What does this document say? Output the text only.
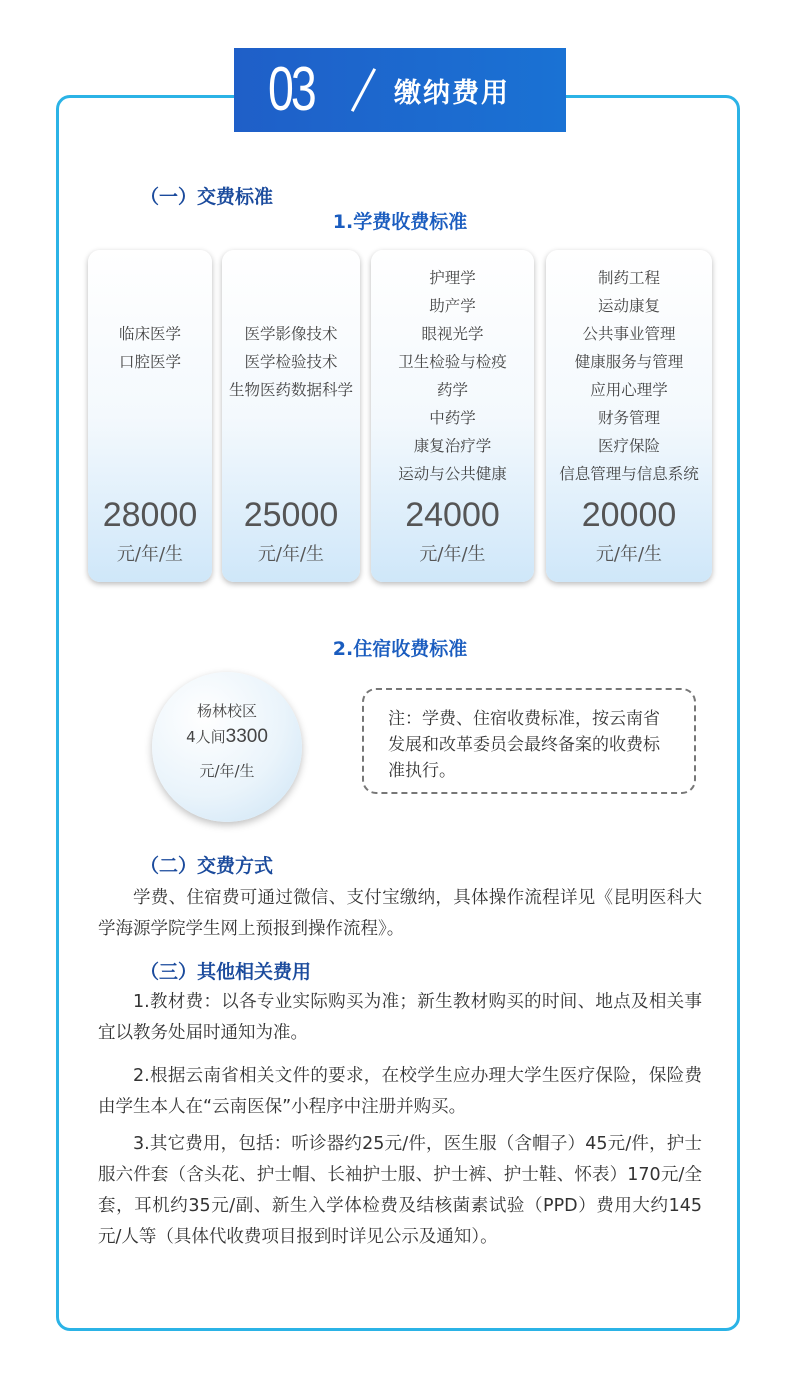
03	缴纳费用
（一）交费标准
1.学费收费标准
临床医学
口腔医学
28000
元/年/生
医学影像技术
医学检验技术
生物医药数据科学
25000
元/年/生
护理学
助产学
眼视光学
卫生检验与检疫
药学
中药学
康复治疗学
运动与公共健康
24000
元/年/生
制药工程
运动康复
公共事业管理
健康服务与管理
应用心理学
财务管理
医疗保险
信息管理与信息系统
20000
元/年/生
2.住宿收费标准
杨林校区
4人间3300
元/年/生
注：学费、住宿收费标准，按云南省发展和改革委员会最终备案的收费标准执行。
（二）交费方式
学费、住宿费可通过微信、支付宝缴纳，具体操作流程详见《昆明医科大学海源学院学生网上预报到操作流程》。
（三）其他相关费用
1.教材费：以各专业实际购买为准；新生教材购买的时间、地点及相关事宜以教务处届时通知为准。
2.根据云南省相关文件的要求，在校学生应办理大学生医疗保险，保险费由学生本人在“云南医保”小程序中注册并购买。
3.其它费用，包括：听诊器约25元/件，医生服（含帽子）45元/件，护士服六件套（含头花、护士帽、长袖护士服、护士裤、护士鞋、怀表）170元/全套，耳机约35元/副、新生入学体检费及结核菌素试验（PPD）费用大约145元/人等（具体代收费项目报到时详见公示及通知）。
